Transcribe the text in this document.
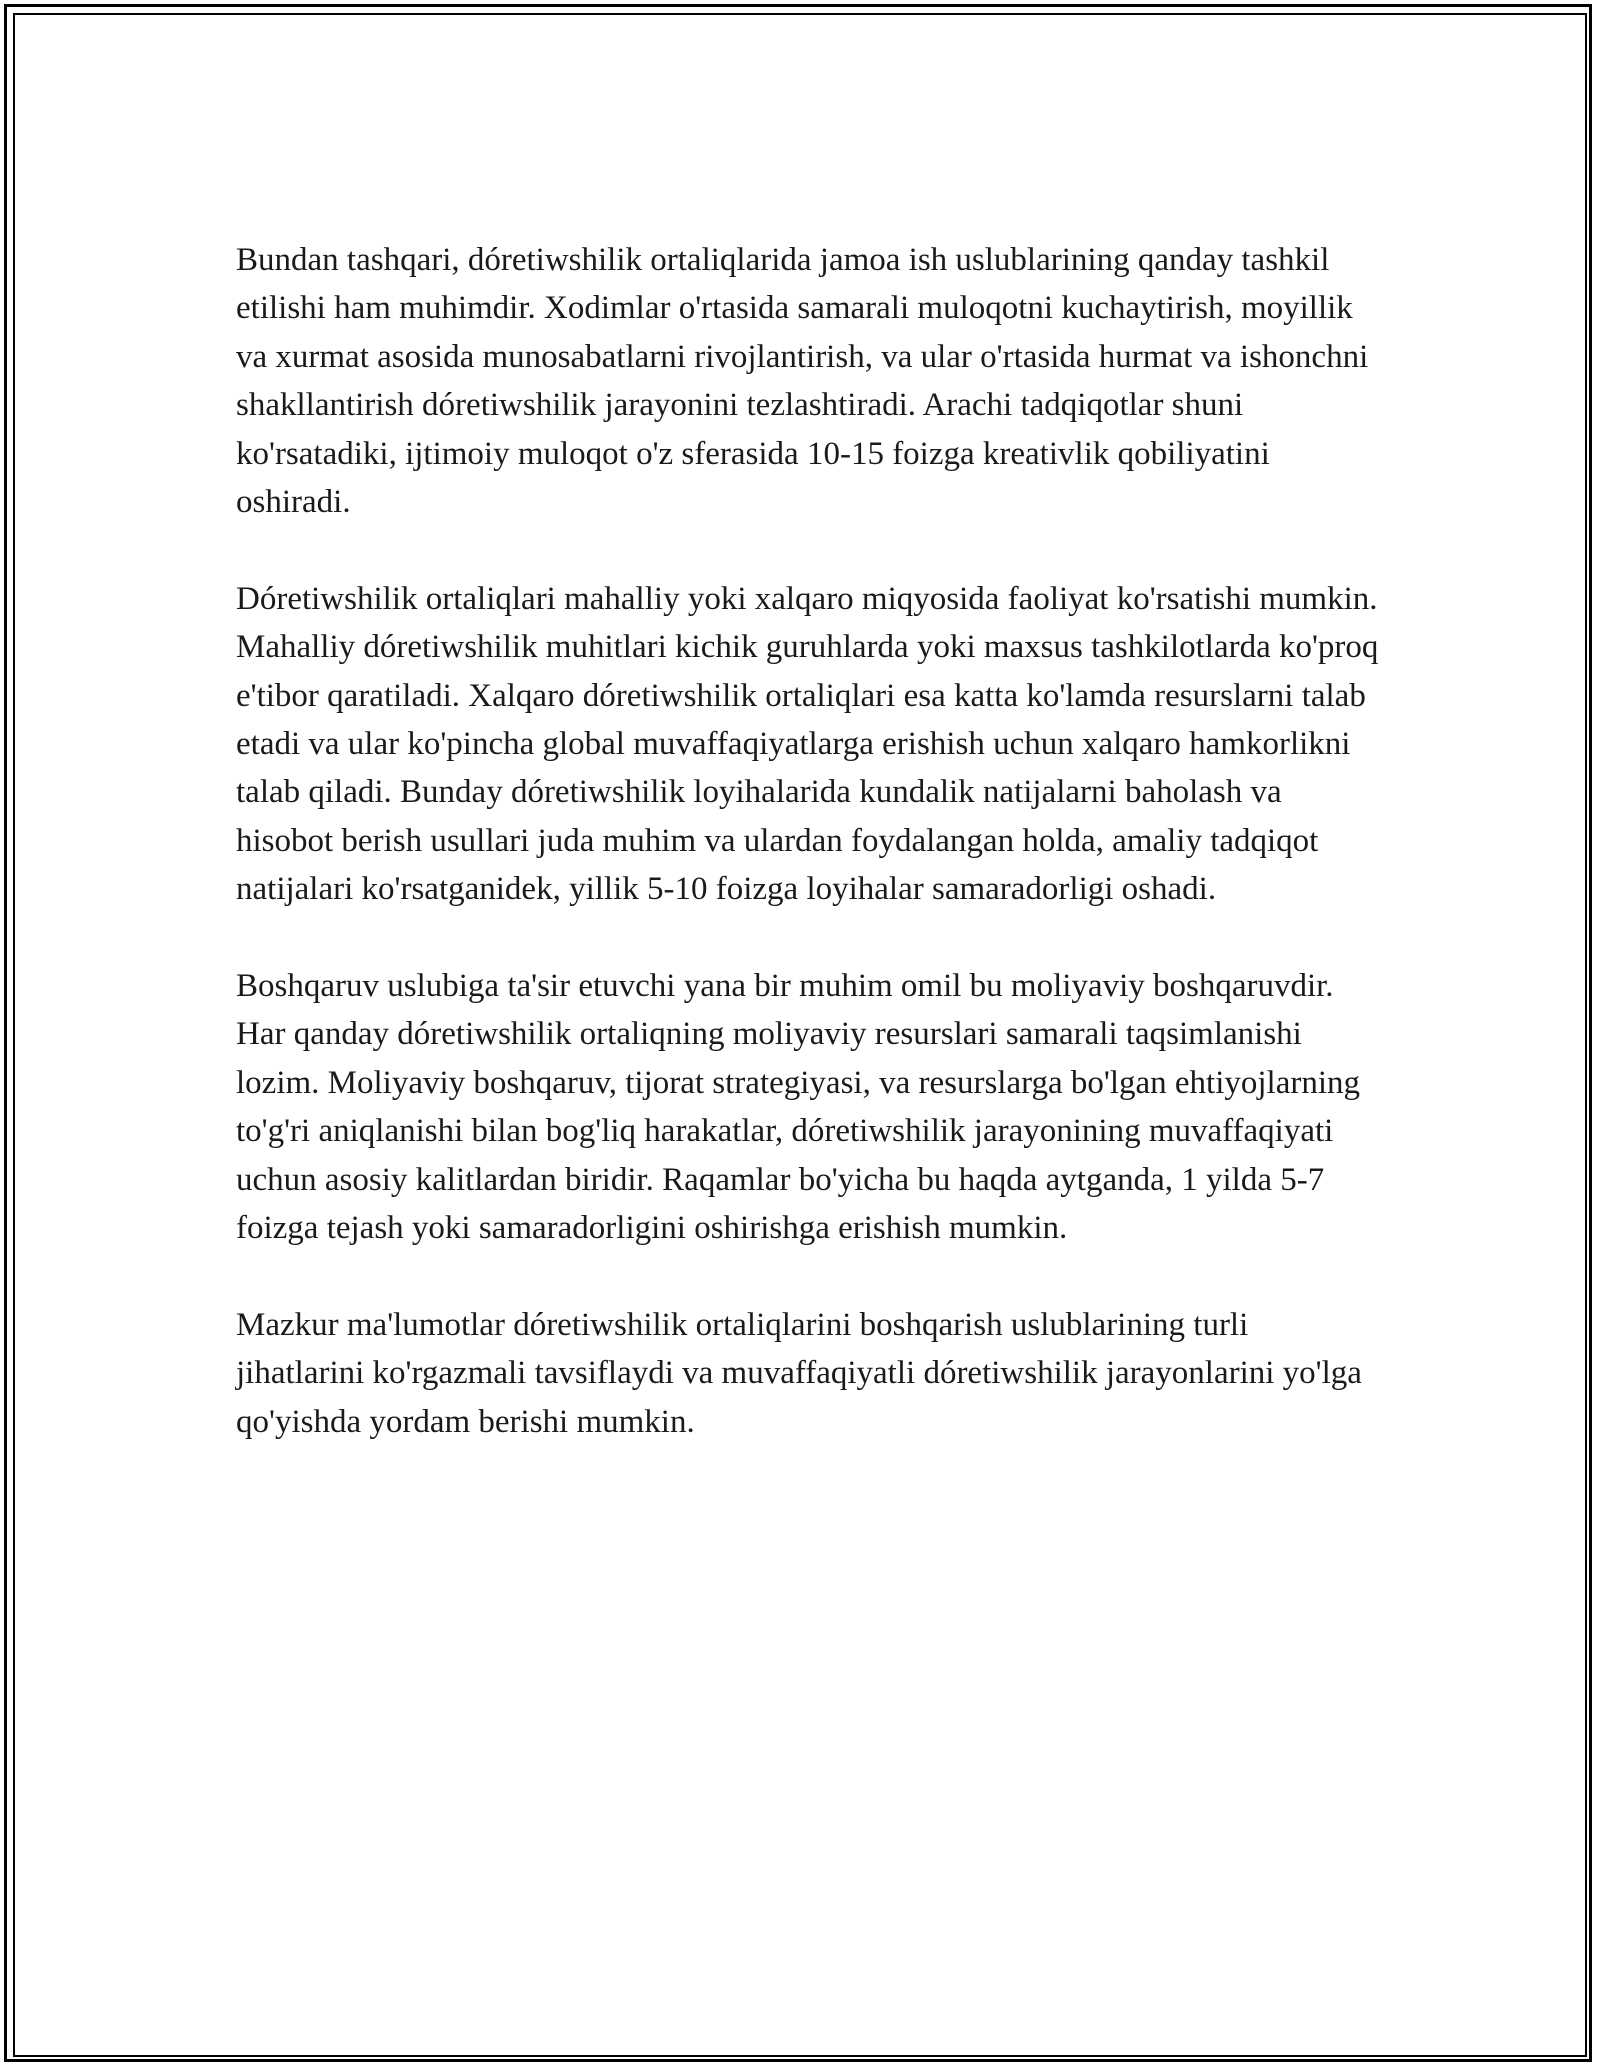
Bundan tashqari, dóretiwshilik ortaliqlarida jamoa ish uslublarining qanday tashkil etilishi ham muhimdir. Xodimlar o'rtasida samarali muloqotni kuchaytirish, moyillik va xurmat asosida munosabatlarni rivojlantirish, va ular o'rtasida hurmat va ishonchni shakllantirish dóretiwshilik jarayonini tezlashtiradi. Arachi tadqiqotlar shuni ko'rsatadiki, ijtimoiy muloqot o'z sferasida 10-15 foizga kreativlik qobiliyatini oshiradi.

Dóretiwshilik ortaliqlari mahalliy yoki xalqaro miqyosida faoliyat ko'rsatishi mumkin. Mahalliy dóretiwshilik muhitlari kichik guruhlarda yoki maxsus tashkilotlarda ko'proq e'tibor qaratiladi. Xalqaro dóretiwshilik ortaliqlari esa katta ko'lamda resurslarni talab etadi va ular ko'pincha global muvaffaqiyatlarga erishish uchun xalqaro hamkorlikni talab qiladi. Bunday dóretiwshilik loyihalarida kundalik natijalarni baholash va hisobot berish usullari juda muhim va ulardan foydalangan holda, amaliy tadqiqot natijalari ko'rsatganidek, yillik 5-10 foizga loyihalar samaradorligi oshadi.

Boshqaruv uslubiga ta'sir etuvchi yana bir muhim omil bu moliyaviy boshqaruvdir. Har qanday dóretiwshilik ortaliqning moliyaviy resurslari samarali taqsimlanishi lozim. Moliyaviy boshqaruv, tijorat strategiyasi, va resurslarga bo'lgan ehtiyojlarning to'g'ri aniqlanishi bilan bog'liq harakatlar, dóretiwshilik jarayonining muvaffaqiyati uchun asosiy kalitlardan biridir. Raqamlar bo'yicha bu haqda aytganda, 1 yilda 5-7 foizga tejash yoki samaradorligini oshirishga erishish mumkin.

Mazkur ma'lumotlar dóretiwshilik ortaliqlarini boshqarish uslublarining turli jihatlarini ko'rgazmali tavsiflaydi va muvaffaqiyatli dóretiwshilik jarayonlarini yo'lga qo'yishda yordam berishi mumkin.
